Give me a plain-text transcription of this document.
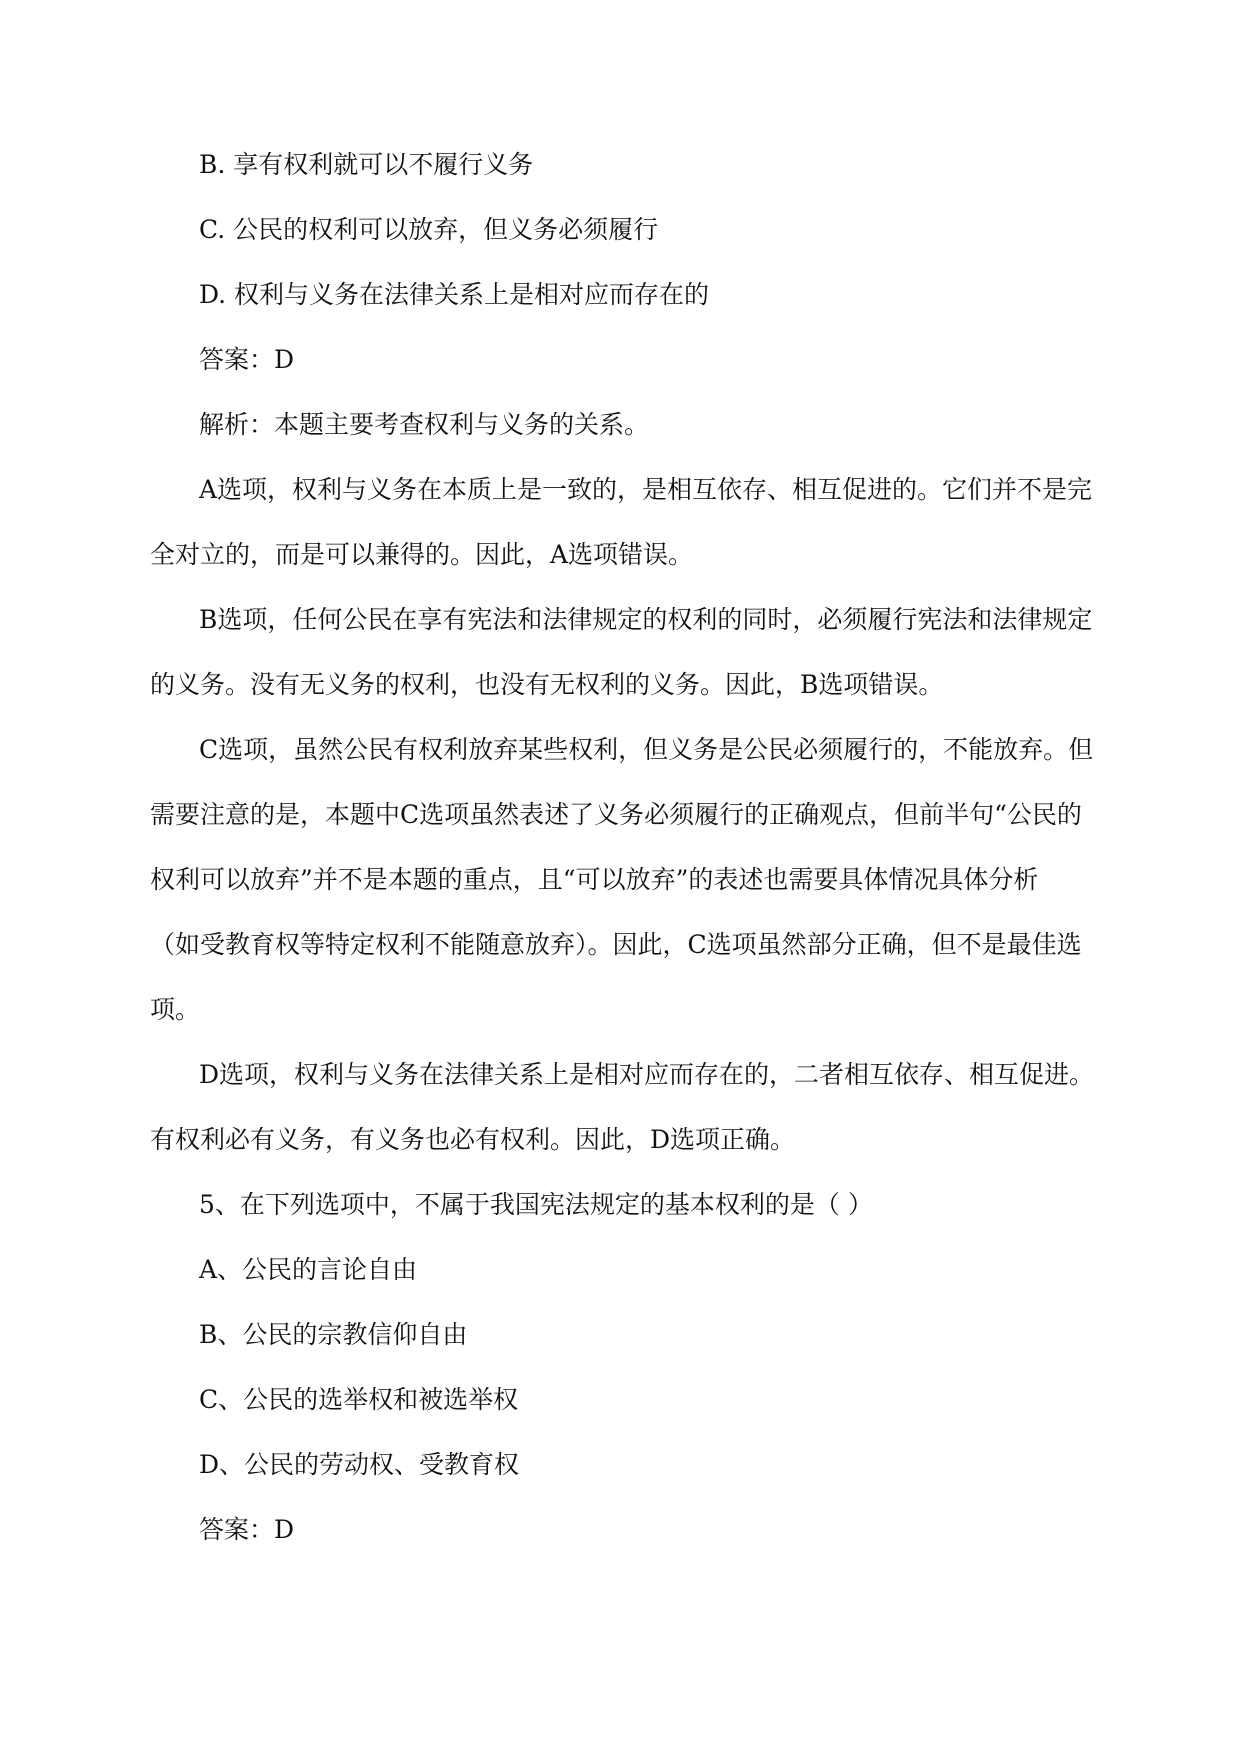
B. 享有权利就可以不履行义务
C. 公民的权利可以放弃，但义务必须履行
D. 权利与义务在法律关系上是相对应而存在的
答案：D
解析：本题主要考查权利与义务的关系。
A选项，权利与义务在本质上是一致的，是相互依存、相互促进的。它们并不是完
全对立的，而是可以兼得的。因此，A选项错误。
B选项，任何公民在享有宪法和法律规定的权利的同时，必须履行宪法和法律规定
的义务。没有无义务的权利，也没有无权利的义务。因此，B选项错误。
C选项，虽然公民有权利放弃某些权利，但义务是公民必须履行的，不能放弃。但
需要注意的是，本题中C选项虽然表述了义务必须履行的正确观点，但前半句“公民的
权利可以放弃”并不是本题的重点，且“可以放弃”的表述也需要具体情况具体分析
（如受教育权等特定权利不能随意放弃）。因此，C选项虽然部分正确，但不是最佳选
项。
D选项，权利与义务在法律关系上是相对应而存在的，二者相互依存、相互促进。
有权利必有义务，有义务也必有权利。因此，D选项正确。
5、在下列选项中，不属于我国宪法规定的基本权利的是（ ）
A、公民的言论自由
B、公民的宗教信仰自由
C、公民的选举权和被选举权
D、公民的劳动权、受教育权
答案：D
